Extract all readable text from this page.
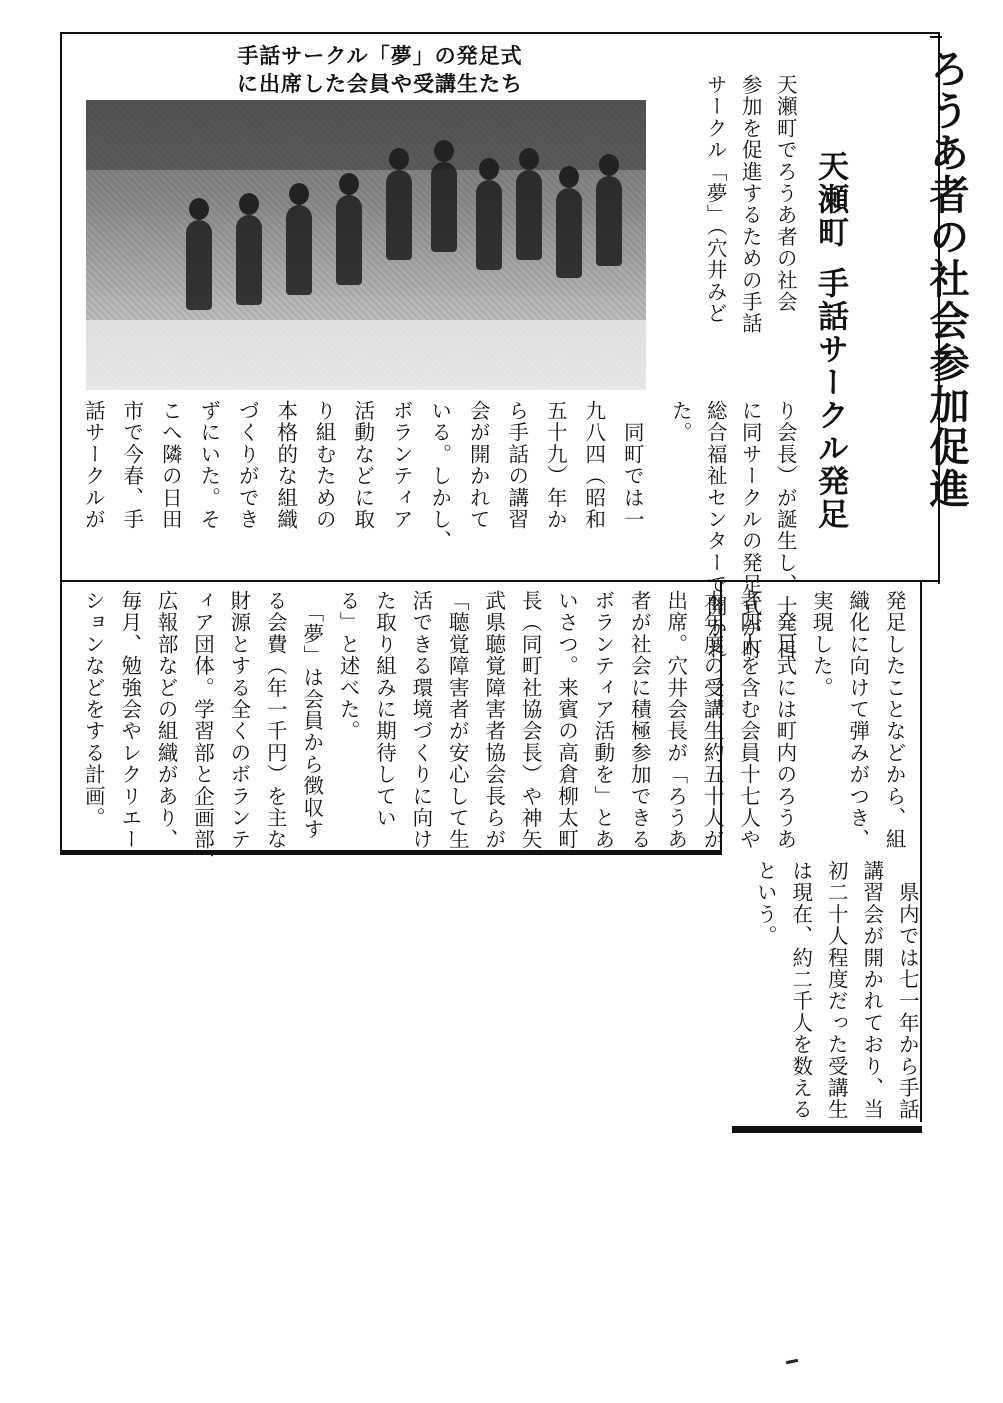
ろうあ者の社会参加促進
天瀬町手話サークル発足
手話サークル「夢」の発足式
に出席した会員や受講生たち	天瀬町でろうあ者の社会
参加を促進するための手話
サークル「夢」（穴井みど
り会長）が誕生し、十三日
に同サークルの発足式が町
総合福祉センターで開かれ
た。
話サークルが 市で今春、手 こへ隣の日田 ずにいた。そ づくりができ 本格的な組織 り組むための 活動などに取 ボランティア いる。しかし、 会が開かれて ら手話の講習 五十九）年か 九八四（昭和 　同町では一
ションなどをする計画。 毎月、勉強会やレクリエー 広報部などの組織があり、 ィア団体。学習部と企画部、 財源とする全くのボランテ る会費（年一千円）を主な 　「夢」は会員から徴収す る」と述べた。 た取り組みに期待してい 活できる環境づくりに向け 「聴覚障害者が安心して生 武県聴覚障害者協会長らが 長（同町社協会長）や神矢 いさつ。来賓の高倉柳太町 ボランティア活動を」とあ 者が社会に積極参加できる 出席。穴井会長が「ろうあ 本年度の受講生約五十人が 者四人を含む会員十七人や 　発足式には町内のろうあ 実現した。 織化に向けて弾みがつき、 発足したことなどから、組
という。 は現在、約二千人を数える 初二十人程度だった受講生 講習会が開かれており、当 　県内では七一年から手話
